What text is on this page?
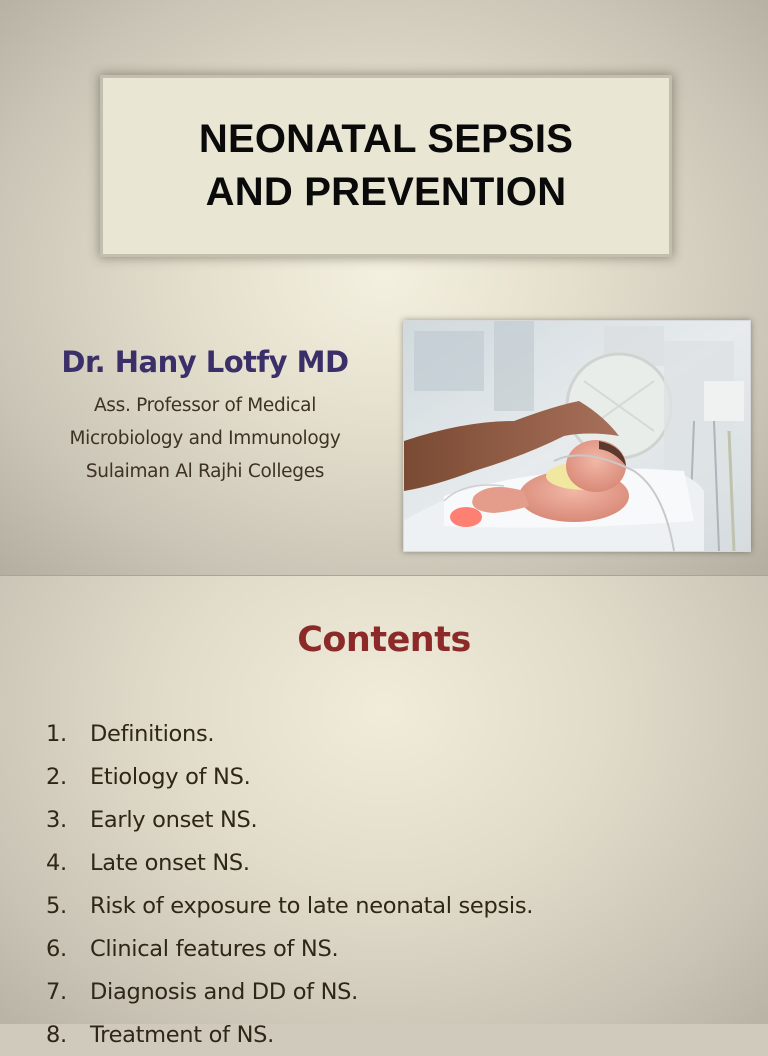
NEONATAL SEPSIS
AND PREVENTION

Dr. Hany Lotfy MD

Ass. Professor of Medical

Microbiology and Immunology

Sulaiman Al Rajhi Colleges

Contents
1.	Definitions.
2.	Etiology of NS.
3.	Early onset NS.
4.	Late onset NS.
5.	Risk of exposure to late neonatal sepsis.
6.	Clinical features of NS.
7.	Diagnosis and DD of NS.
8.	Treatment of NS.
